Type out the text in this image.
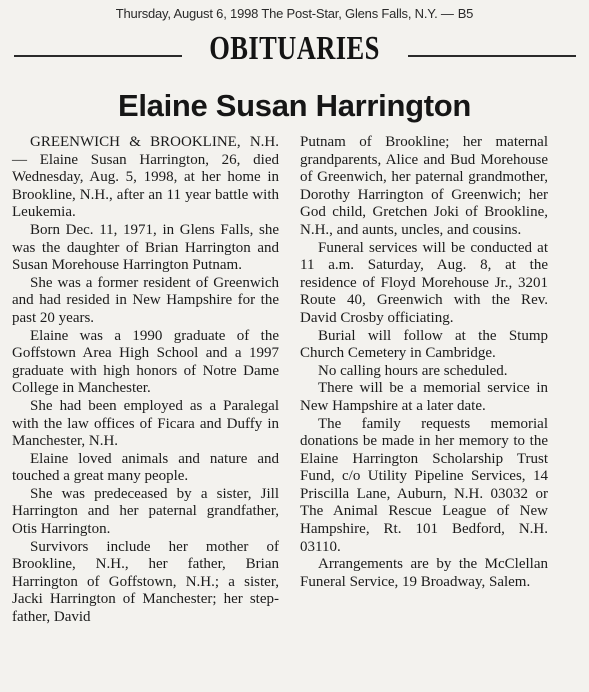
Thursday, August 6, 1998 The Post-Star, Glens Falls, N.Y. — B5
OBITUARIES
Elaine Susan Harrington

GREENWICH & BROOKLINE, N.H. — Elaine Susan Harrington, 26, died Wednesday, Aug. 5, 1998, at her home in Brookline, N.H., after an 11 year battle with Leukemia.

Born Dec. 11, 1971, in Glens Falls, she was the daughter of Brian Harrington and Susan Morehouse Harrington Putnam.

She was a former resident of Greenwich and had resided in New Hampshire for the past 20 years.

Elaine was a 1990 graduate of the Goffstown Area High School and a 1997 graduate with high honors of Notre Dame College in Manchester.

She had been employed as a Paralegal with the law offices of Ficara and Duffy in Manchester, N.H.

Elaine loved animals and nature and touched a great many people.

She was predeceased by a sister, Jill Harrington and her paternal grandfather, Otis Harrington.

Survivors include her mother of Brookline, N.H., her father, Brian Harrington of Goffstown, N.H.; a sister, Jacki Harrington of Manchester; her step-father, David

Putnam of Brookline; her maternal grandparents, Alice and Bud Morehouse of Greenwich, her paternal grandmother, Dorothy Harrington of Greenwich; her God child, Gretchen Joki of Brookline, N.H., and aunts, uncles, and cousins.

Funeral services will be conducted at 11 a.m. Saturday, Aug. 8, at the residence of Floyd Morehouse Jr., 3201 Route 40, Greenwich with the Rev. David Crosby officiating.

Burial will follow at the Stump Church Cemetery in Cambridge.

No calling hours are scheduled.

There will be a memorial service in New Hampshire at a later date.

The family requests memorial donations be made in her memory to the Elaine Harrington Scholarship Trust Fund, c/o Utility Pipeline Services, 14 Priscilla Lane, Auburn, N.H. 03032 or The Animal Rescue League of New Hampshire, Rt. 101 Bedford, N.H. 03110.

Arrangements are by the McClellan Funeral Service, 19 Broadway, Salem.
